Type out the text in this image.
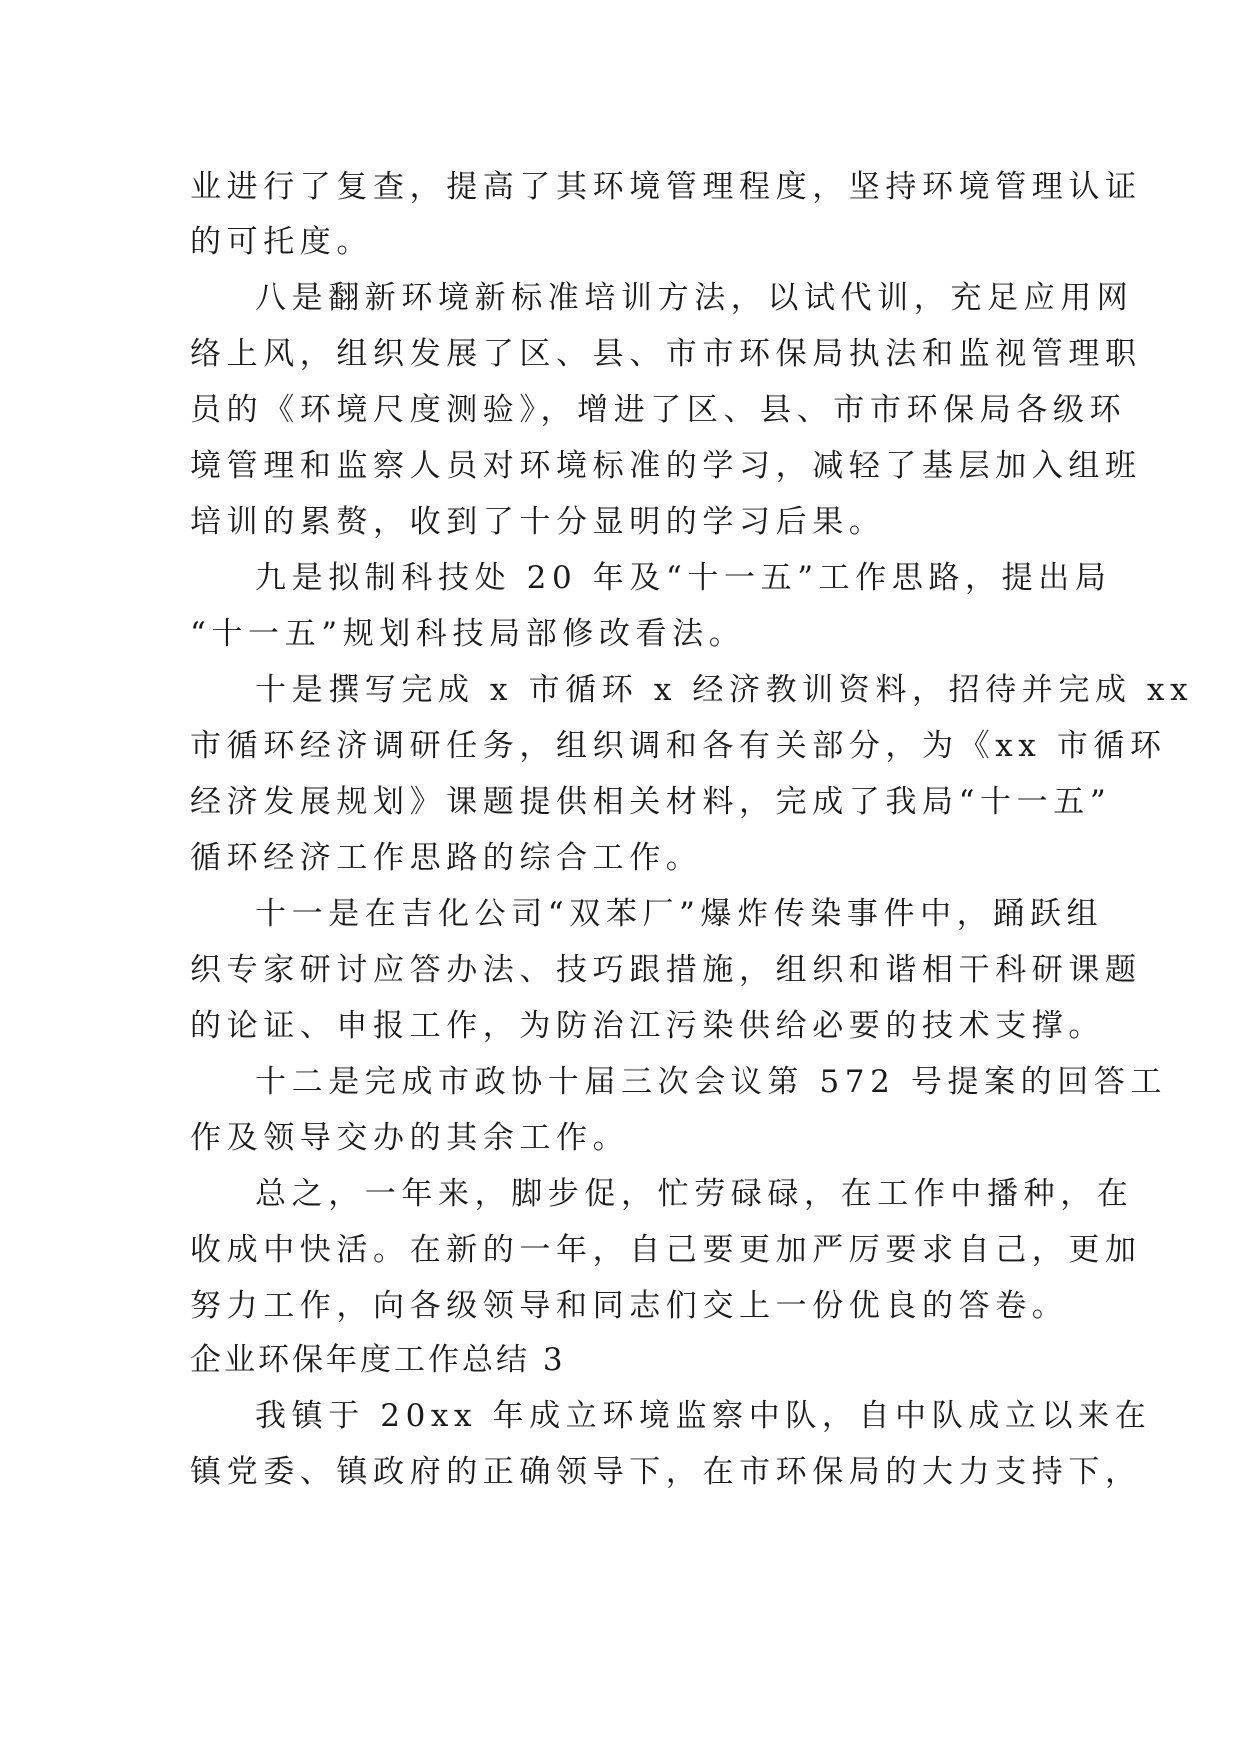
业进行了复查，提高了其环境管理程度，坚持环境管理认证
的可托度。
八是翻新环境新标准培训方法，以试代训，充足应用网
络上风，组织发展了区、县、市市环保局执法和监视管理职
员的《环境尺度测验》，增进了区、县、市市环保局各级环
境管理和监察人员对环境标准的学习，减轻了基层加入组班
培训的累赘，收到了十分显明的学习后果。
九是拟制科技处 20 年及“十一五”工作思路，提出局
“十一五”规划科技局部修改看法。
十是撰写完成 x 市循环 x 经济教训资料，招待并完成 xx
市循环经济调研任务，组织调和各有关部分，为《xx 市循环
经济发展规划》课题提供相关材料，完成了我局“十一五”
循环经济工作思路的综合工作。
十一是在吉化公司“双苯厂”爆炸传染事件中，踊跃组
织专家研讨应答办法、技巧跟措施，组织和谐相干科研课题
的论证、申报工作，为防治江污染供给必要的技术支撑。
十二是完成市政协十届三次会议第 572 号提案的回答工
作及领导交办的其余工作。
总之，一年来，脚步促，忙劳碌碌，在工作中播种，在
收成中快活。在新的一年，自己要更加严厉要求自己，更加
努力工作，向各级领导和同志们交上一份优良的答卷。
企业环保年度工作总结 3
我镇于 20xx 年成立环境监察中队，自中队成立以来在
镇党委、镇政府的正确领导下，在市环保局的大力支持下，
